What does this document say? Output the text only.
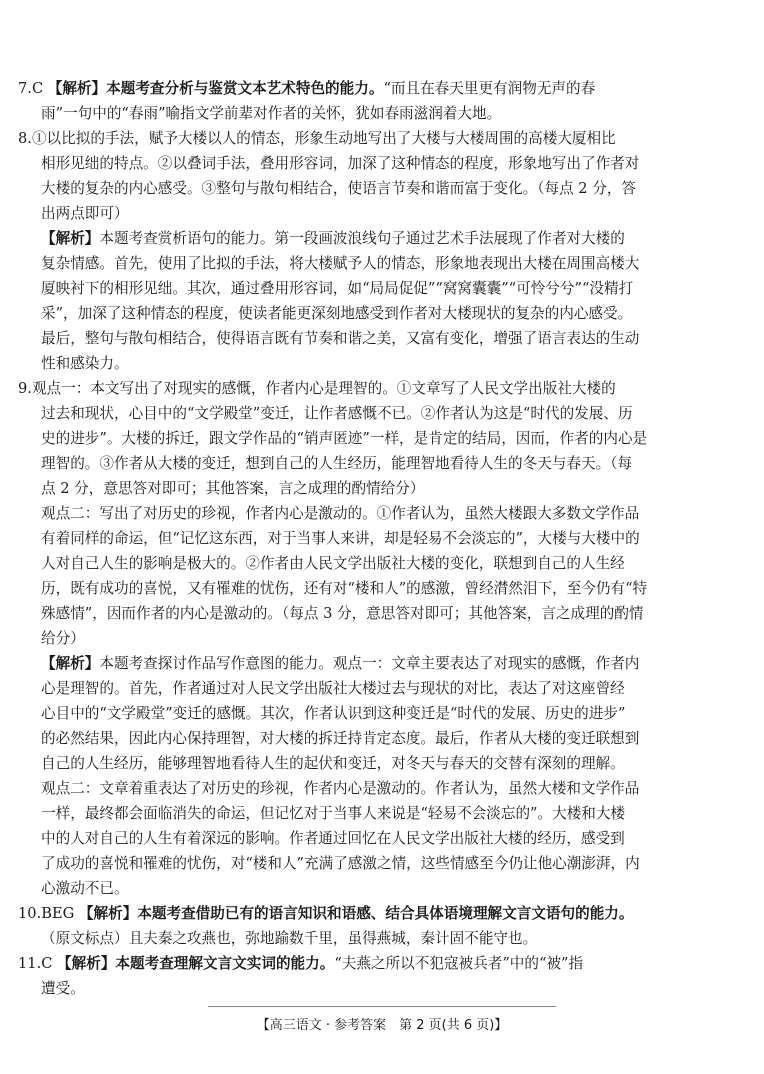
7.C 【解析】本题考查分析与鉴赏文本艺术特色的能力。“而且在春天里更有润物无声的春
雨”一句中的“春雨”喻指文学前辈对作者的关怀，犹如春雨滋润着大地。
8.①以比拟的手法，赋予大楼以人的情态，形象生动地写出了大楼与大楼周围的高楼大厦相比
相形见绌的特点。②以叠词手法，叠用形容词，加深了这种情态的程度，形象地写出了作者对
大楼的复杂的内心感受。③整句与散句相结合，使语言节奏和谐而富于变化。（每点 2 分，答
出两点即可）
【解析】本题考查赏析语句的能力。第一段画波浪线句子通过艺术手法展现了作者对大楼的
复杂情感。首先，使用了比拟的手法，将大楼赋予人的情态，形象地表现出大楼在周围高楼大
厦映衬下的相形见绌。其次，通过叠用形容词，如“局局促促”“窝窝囊囊”“可怜兮兮”“没精打
采”，加深了这种情态的程度，使读者能更深刻地感受到作者对大楼现状的复杂的内心感受。
最后，整句与散句相结合，使得语言既有节奏和谐之美，又富有变化，增强了语言表达的生动
性和感染力。
9.观点一：本文写出了对现实的感慨，作者内心是理智的。①文章写了人民文学出版社大楼的
过去和现状，心目中的“文学殿堂”变迁，让作者感慨不已。②作者认为这是“时代的发展、历
史的进步”。大楼的拆迁，跟文学作品的“销声匿迹”一样，是肯定的结局，因而，作者的内心是
理智的。③作者从大楼的变迁，想到自己的人生经历，能理智地看待人生的冬天与春天。（每
点 2 分，意思答对即可；其他答案，言之成理的酌情给分）
观点二：写出了对历史的珍视，作者内心是激动的。①作者认为，虽然大楼跟大多数文学作品
有着同样的命运，但“记忆这东西，对于当事人来讲，却是轻易不会淡忘的”，大楼与大楼中的
人对自己人生的影响是极大的。②作者由人民文学出版社大楼的变化，联想到自己的人生经
历，既有成功的喜悦，又有罹难的忧伤，还有对“楼和人”的感激，曾经潸然泪下，至今仍有“特
殊感情”，因而作者的内心是激动的。（每点 3 分，意思答对即可；其他答案，言之成理的酌情
给分）
【解析】本题考查探讨作品写作意图的能力。观点一：文章主要表达了对现实的感慨，作者内
心是理智的。首先，作者通过对人民文学出版社大楼过去与现状的对比，表达了对这座曾经
心目中的“文学殿堂”变迁的感慨。其次，作者认识到这种变迁是“时代的发展、历史的进步”
的必然结果，因此内心保持理智，对大楼的拆迁持肯定态度。最后，作者从大楼的变迁联想到
自己的人生经历，能够理智地看待人生的起伏和变迁，对冬天与春天的交替有深刻的理解。
观点二：文章着重表达了对历史的珍视，作者内心是激动的。作者认为，虽然大楼和文学作品
一样，最终都会面临消失的命运，但记忆对于当事人来说是“轻易不会淡忘的”。大楼和大楼
中的人对自己的人生有着深远的影响。作者通过回忆在人民文学出版社大楼的经历，感受到
了成功的喜悦和罹难的忧伤，对“楼和人”充满了感激之情，这些情感至今仍让他心潮澎湃，内
心激动不已。
10.BEG 【解析】本题考查借助已有的语言知识和语感、结合具体语境理解文言文语句的能力。
（原文标点）且夫秦之攻燕也，弥地踰数千里，虽得燕城，秦计固不能守也。
11.C 【解析】本题考查理解文言文实词的能力。“夫燕之所以不犯寇被兵者”中的“被”指
遭受。
【高三语文 · 参考答案　第 2 页(共 6 页)】
